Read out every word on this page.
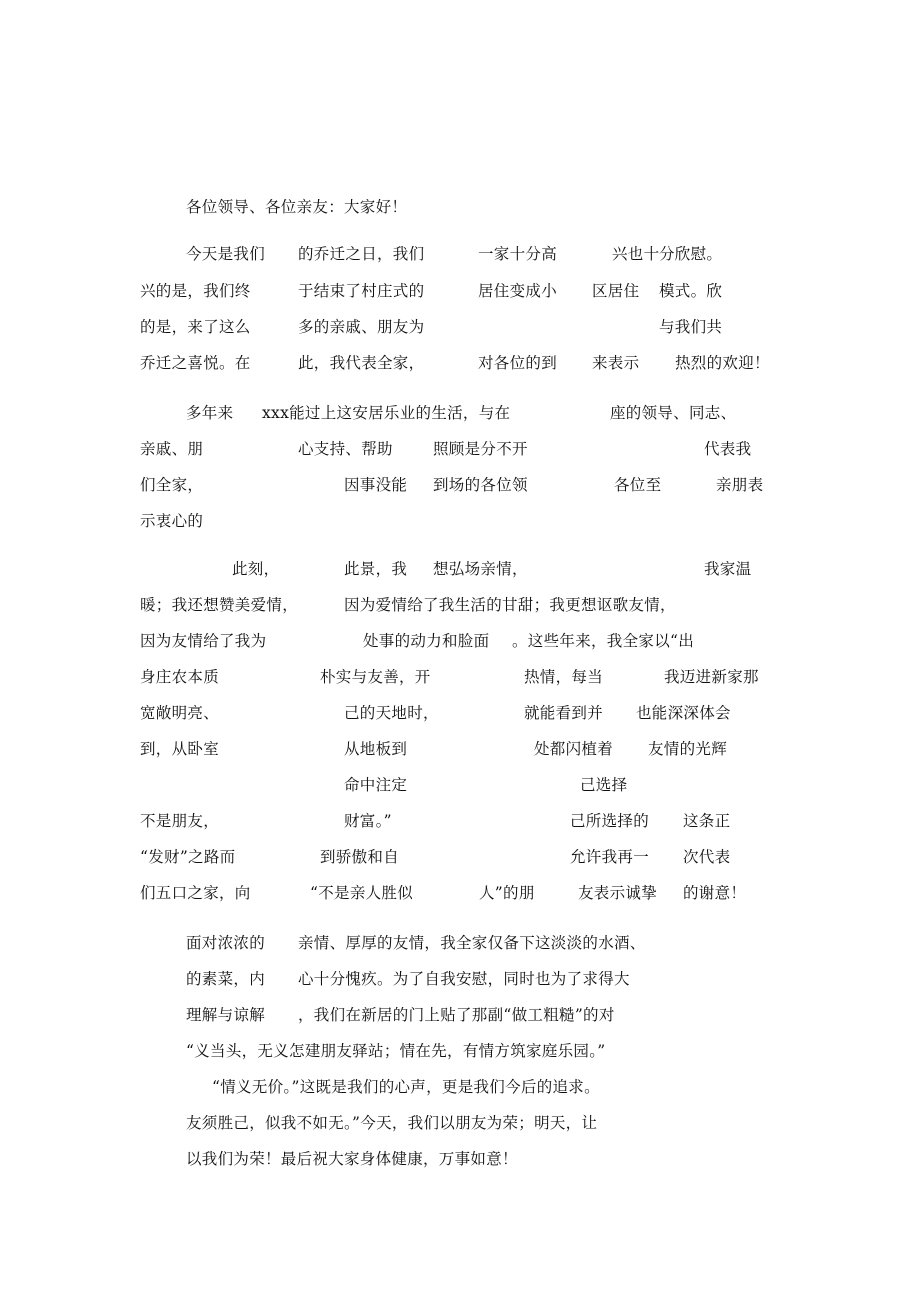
各位领导、各位亲友：大家好！
今天是我们 的乔迁之日，我们	一家十分高	兴也十 分欣慰。
兴的是，我们终	于结束了村庄式的	居住变成小 区居住 模式。欣
的是，来了这么	多的亲戚、朋友为	与我们共
乔迁之喜悦。在	此，我代表全家，	对各位的到 来表示 热烈的欢迎！
多年来 xxx能过上这安居乐业的生活，与在	座的领导、同志、
亲戚、朋	心支持、帮助	照顾是分不开	代表我
们全家，	因事没能 到场的各位领	各位至	亲朋表
示衷心的
此刻，	此景，我 想弘场亲情，	我家温
暖；我还想赞美爱情，	因为爱情给了我生活的甘甜；我更想讴歌友情，
因为友情给了我为	处事的动力和脸面 。这些年来，我全家以“出
身庄农本质	朴实与友善，开	热情，每当	我迈进新家那
宽敞明亮、	己的天地时，	就能看到并 也能深深体会
到，从卧室	从地板到	处都闪植着 友情的光辉
命中注定	己选择
不是朋友，	财富。”	己所选择的 这条正
“发财”之路而	到骄傲和自	允许我再一 次代表
们五口之家，向	“不是亲人胜似	人”的朋	友表示诚挚 的谢意！
面对浓浓的 亲情、厚厚的友情，我全家仅备下这淡淡的水酒、
的素菜，内 心十分愧疚。为了自我安慰，同时也为了求得大
理解与谅解 ，我们在新居的门上贴了那副“做工粗糙”的对
“义当头，无义怎建朋友驿站；情在先，有情方筑家庭乐园。”
“情义无价。”这既是我们的心声，更是我们今后的追求。
友须胜己，似我不如无。”今天，我们以朋友为荣；明天，让
以我们为荣！最后祝大家身体健康，万事如意！
